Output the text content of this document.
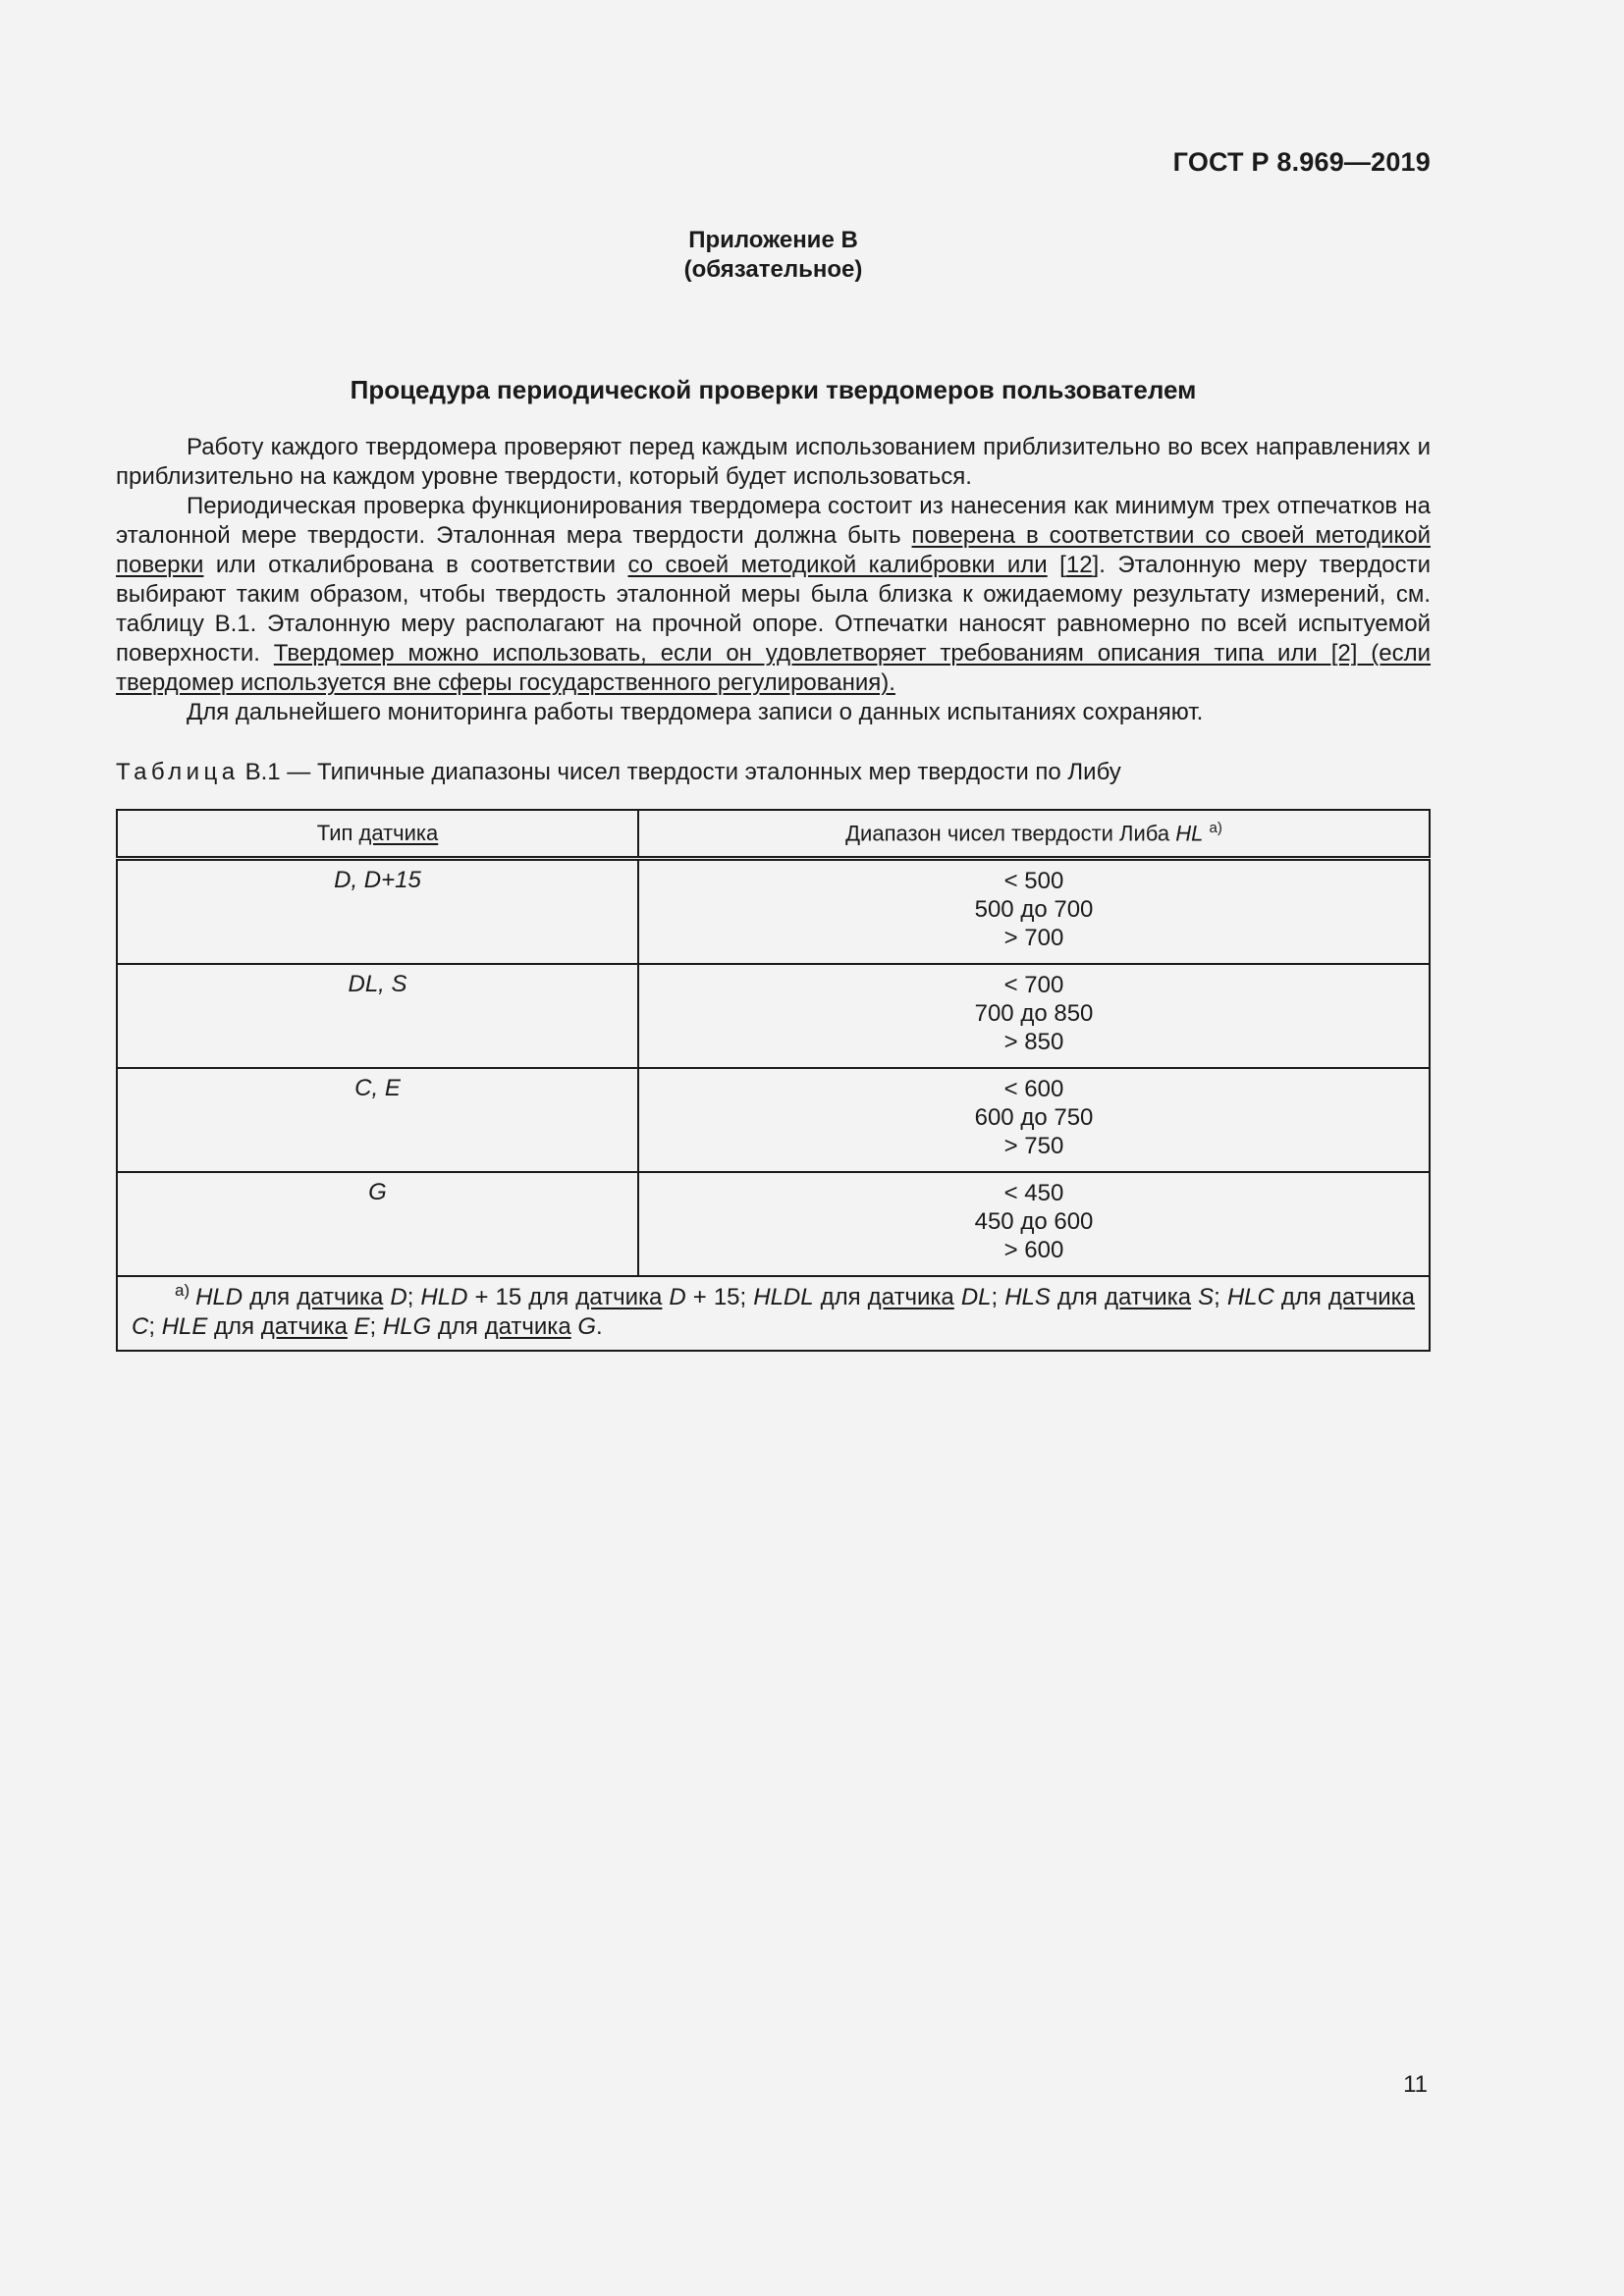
ГОСТ Р 8.969—2019
Приложение В
(обязательное)
Процедура периодической проверки твердомеров пользователем

Работу каждого твердомера проверяют перед каждым использованием приблизительно во всех направлениях и приблизительно на каждом уровне твердости, который будет использоваться.

Периодическая проверка функционирования твердомера состоит из нанесения как минимум трех отпечатков на эталонной мере твердости. Эталонная мера твердости должна быть поверена в соответствии со своей методикой поверки или откалибрована в соответствии со своей методикой калибровки или [12]. Эталонную меру твердости выбирают таким образом, чтобы твердость эталонной меры была близка к ожидаемому результату измерений, см. таблицу В.1. Эталонную меру располагают на прочной опоре. Отпечатки наносят равномерно по всей испытуемой поверхности. Твердомер можно использовать, если он удовлетворяет требованиям описания типа или [2] (если твердомер используется вне сферы государственного регулирования).

Для дальнейшего мониторинга работы твердомера записи о данных испытаниях сохраняют.

Таблица В.1 — Типичные диапазоны чисел твердости эталонных мер твердости по Либу
Тип датчика	Диапазон чисел твердости Либа HL $^{а)}$
D, D+15	< 500
500 до 700
> 700

DL, S	< 700
700 до 850
> 850

C, E	< 600
600 до 750
> 750

G	< 450
450 до 600
> 600

$^{а)}$ HLD для датчика D; HLD + 15 для датчика D + 15; HLDL для датчика DL; HLS для датчика S; HLC для датчика C; HLE для датчика E; HLG для датчика G.	
11
